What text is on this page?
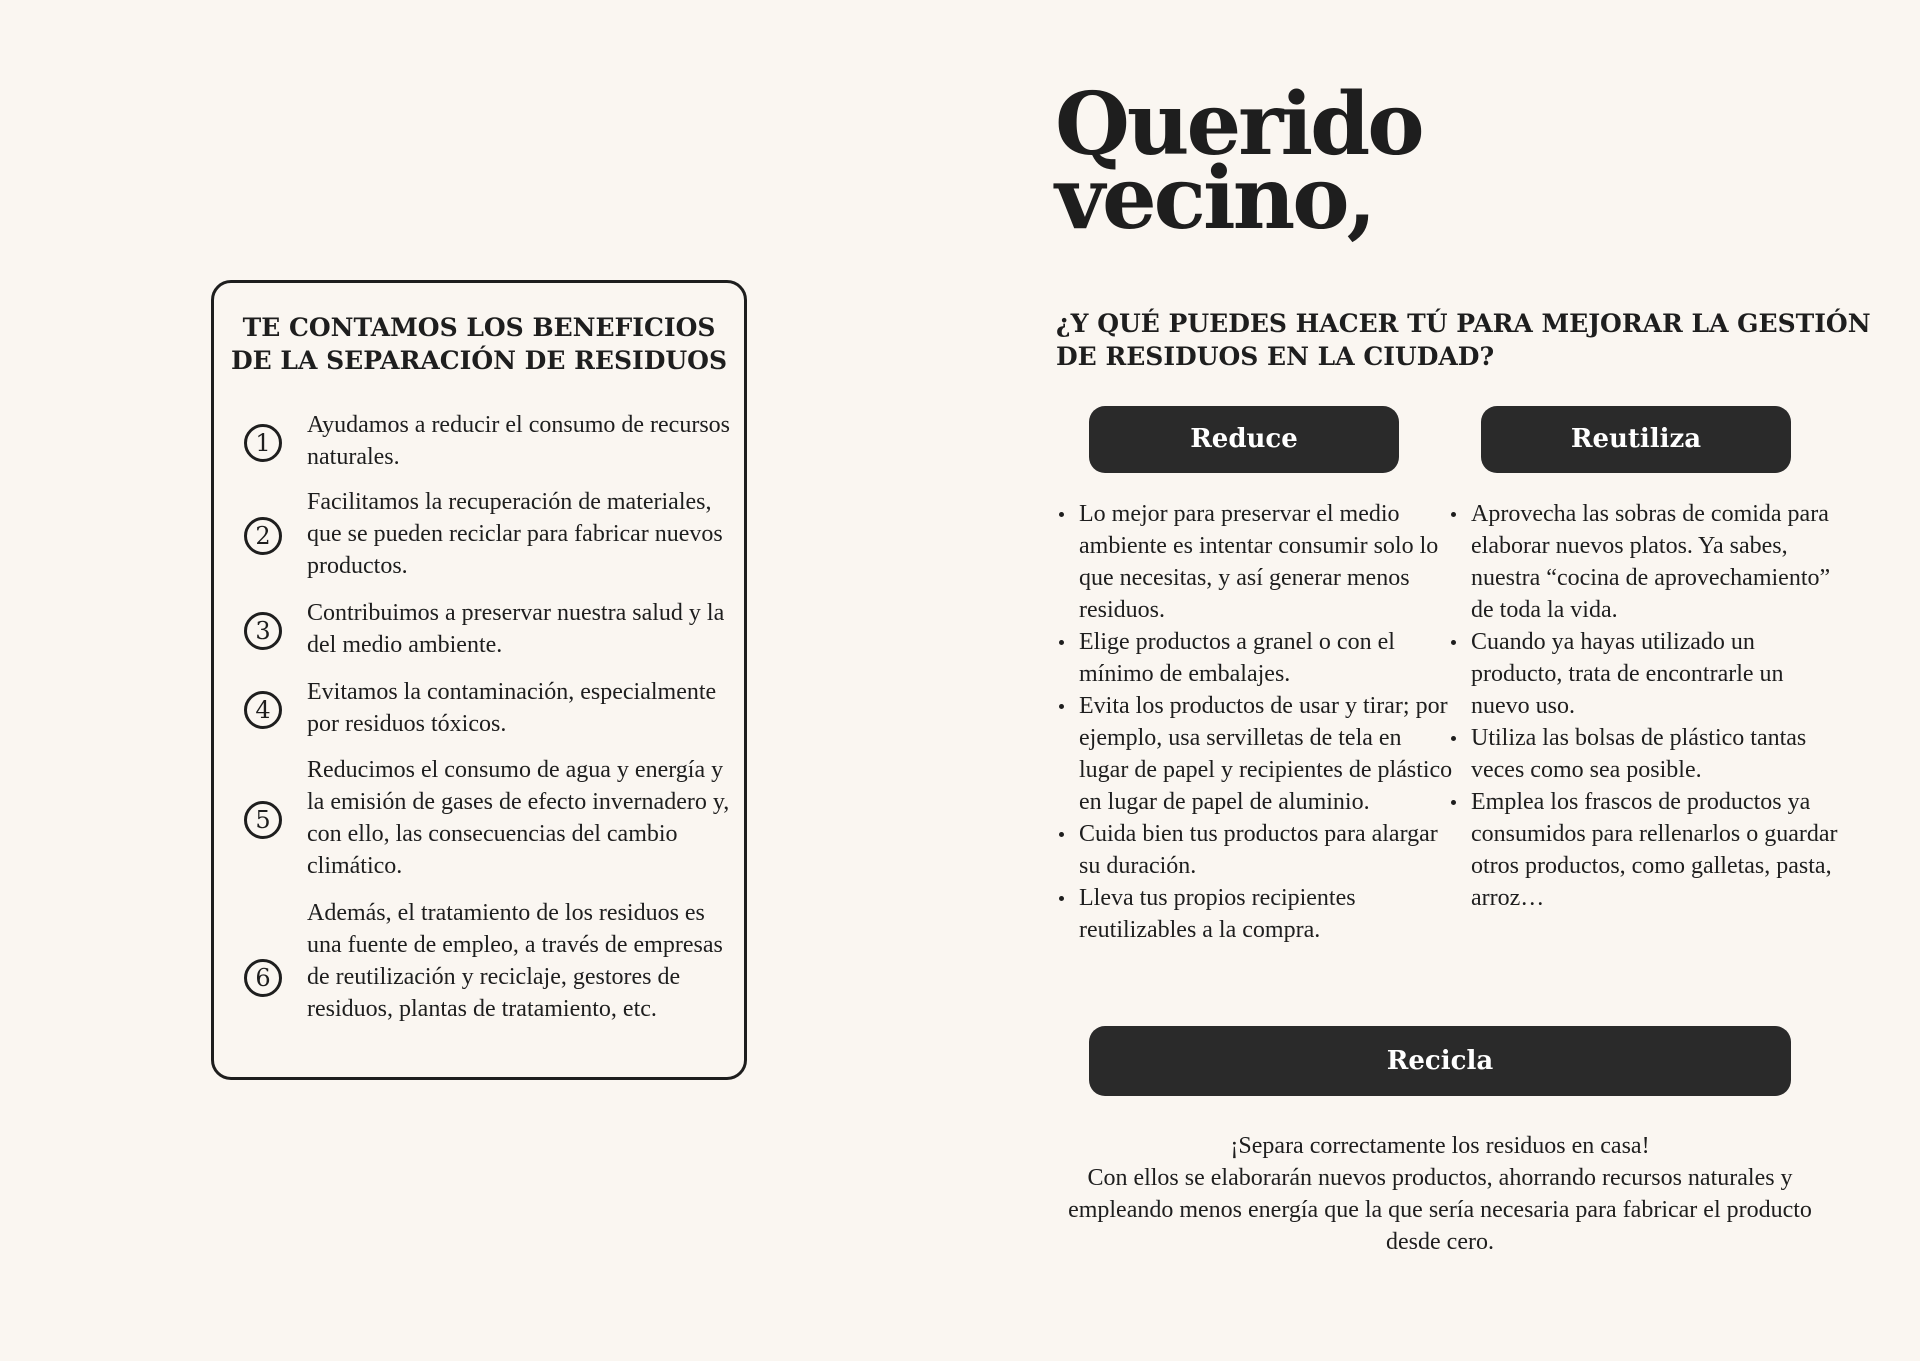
TE CONTAMOS LOS BENEFICIOS
DE LA SEPARACIÓN DE RESIDUOS
1

Ayudamos a reducir el consumo de recursos naturales.

2

Facilitamos la recuperación de materiales, que se pueden reciclar para fabricar nuevos productos.

3

Contribuimos a preservar nuestra salud y la del medio ambiente.

4

Evitamos la contaminación, especialmente por residuos tóxicos.

5

Reducimos el consumo de agua y energía y la emisión de gases de efecto invernadero y, con ello, las consecuencias del cambio climático.

6

Además, el tratamiento de los residuos es una fuente de empleo, a través de empresas de reutilización y reciclaje, gestores de residuos, plantas de tratamiento, etc.

Querido
vecino,
¿Y QUÉ PUEDES HACER TÚ PARA MEJORAR LA GESTIÓN DE RESIDUOS EN LA CIUDAD?
Reduce
Lo mejor para preservar el medio ambiente es intentar consumir solo lo que necesitas, y así generar menos residuos.
Elige productos a granel o con el mínimo de embalajes.
Evita los productos de usar y tirar; por ejemplo, usa servilletas de tela en lugar de papel y recipientes de plástico en lugar de papel de aluminio.
Cuida bien tus productos para alargar su duración.
Lleva tus propios recipientes reutilizables a la compra.
Reutiliza
Aprovecha las sobras de comida para elaborar nuevos platos. Ya sabes, nuestra “cocina de aprovechamiento” de toda la vida.
Cuando ya hayas utilizado un producto, trata de encontrarle un nuevo uso.
Utiliza las bolsas de plástico tantas veces como sea posible.
Emplea los frascos de productos ya consumidos para rellenarlos o guardar otros productos, como galletas, pasta, arroz…
Recicla
¡Separa correctamente los residuos en casa!
Con ellos se elaborarán nuevos productos, ahorrando recursos naturales y empleando menos energía que la que sería necesaria para fabricar el producto desde cero.
